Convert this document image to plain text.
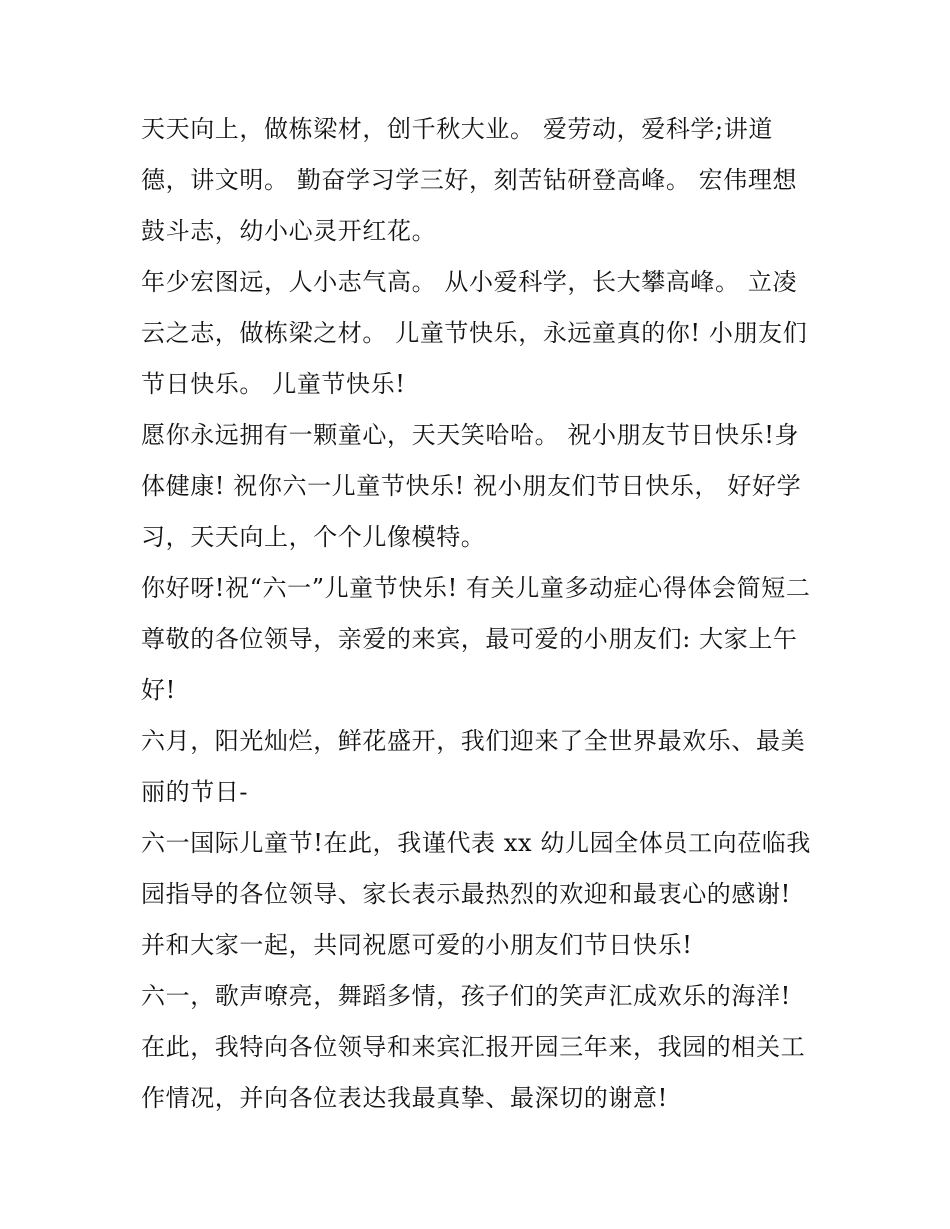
天天向上，做栋梁材，创千秋大业。 爱劳动，爱科学;讲道
德，讲文明。 勤奋学习学三好，刻苦钻研登高峰。 宏伟理想
鼓斗志，幼小心灵开红花。
年少宏图远，人小志气高。 从小爱科学，长大攀高峰。 立凌
云之志，做栋梁之材。 儿童节快乐，永远童真的你! 小朋友们
节日快乐。 儿童节快乐!
愿你永远拥有一颗童心，天天笑哈哈。 祝小朋友节日快乐!身
体健康! 祝你六一儿童节快乐! 祝小朋友们节日快乐， 好好学
习，天天向上，个个儿像模特。
你好呀!祝“六一”儿童节快乐! 有关儿童多动症心得体会简短二
尊敬的各位领导，亲爱的来宾，最可爱的小朋友们: 大家上午
好!
六月，阳光灿烂，鲜花盛开，我们迎来了全世界最欢乐、最美
丽的节日-
六一国际儿童节!在此，我谨代表 xx 幼儿园全体员工向莅临我
园指导的各位领导、家长表示最热烈的欢迎和最衷心的感谢!
并和大家一起，共同祝愿可爱的小朋友们节日快乐!
六一，歌声嘹亮，舞蹈多情，孩子们的笑声汇成欢乐的海洋!
在此，我特向各位领导和来宾汇报开园三年来，我园的相关工
作情况，并向各位表达我最真挚、最深切的谢意!
